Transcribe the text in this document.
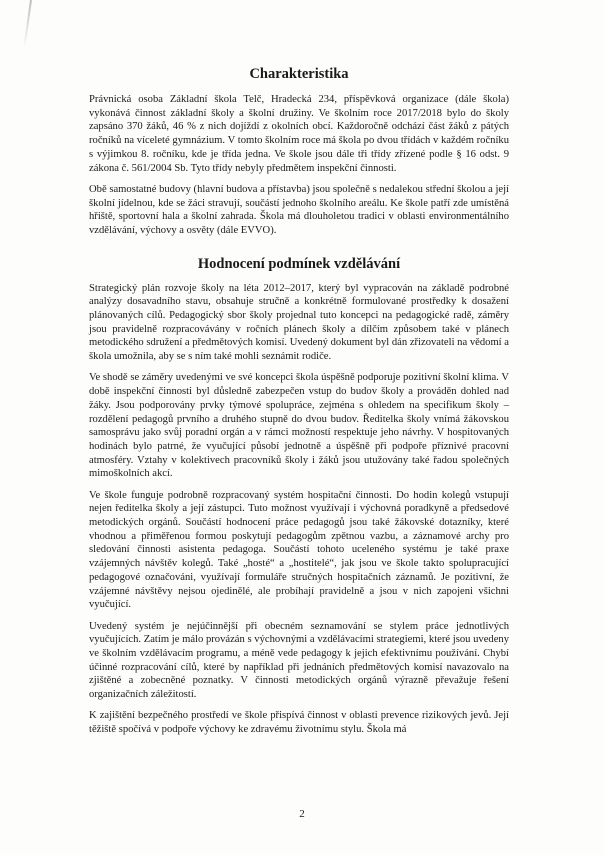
Charakteristika

Právnická osoba Základní škola Telč, Hradecká 234, příspěvková organizace (dále škola) vykonává činnost základní školy a školní družiny. Ve školním roce 2017/2018 bylo do školy zapsáno 370 žáků, 46 % z nich dojíždí z okolních obcí. Každoročně odchází část žáků z pátých ročníků na víceleté gymnázium. V tomto školním roce má škola po dvou třídách v každém ročníku s výjimkou 8. ročníku, kde je třída jedna. Ve škole jsou dále tři třídy zřízené podle § 16 odst. 9 zákona č. 561/2004 Sb. Tyto třídy nebyly předmětem inspekční činnosti.

Obě samostatné budovy (hlavní budova a přístavba) jsou společně s nedalekou střední školou a její školní jídelnou, kde se žáci stravují, součástí jednoho školního areálu. Ke škole patří zde umístěná hřiště, sportovní hala a školní zahrada. Škola má dlouholetou tradici v oblasti environmentálního vzdělávání, výchovy a osvěty (dále EVVO).

Hodnocení podmínek vzdělávání

Strategický plán rozvoje školy na léta 2012–2017, který byl vypracován na základě podrobné analýzy dosavadního stavu, obsahuje stručně a konkrétně formulované prostředky k dosažení plánovaných cílů. Pedagogický sbor školy projednal tuto koncepci na pedagogické radě, záměry jsou pravidelně rozpracovávány v ročních plánech školy a dílčím způsobem také v plánech metodického sdružení a předmětových komisí. Uvedený dokument byl dán zřizovateli na vědomí a škola umožnila, aby se s ním také mohli seznámit rodiče.

Ve shodě se záměry uvedenými ve své koncepci škola úspěšně podporuje pozitivní školní klima. V době inspekční činnosti byl důsledně zabezpečen vstup do budov školy a prováděn dohled nad žáky. Jsou podporovány prvky týmové spolupráce, zejména s ohledem na specifikum školy – rozdělení pedagogů prvního a druhého stupně do dvou budov. Ředitelka školy vnímá žákovskou samosprávu jako svůj poradní orgán a v rámci možností respektuje jeho návrhy. V hospitovaných hodinách bylo patrné, že vyučující působí jednotně a úspěšně při podpoře příznivé pracovní atmosféry. Vztahy v kolektivech pracovníků školy i žáků jsou utužovány také řadou společných mimoškolních akcí.

Ve škole funguje podrobně rozpracovaný systém hospitační činnosti. Do hodin kolegů vstupují nejen ředitelka školy a její zástupci. Tuto možnost využívají i výchovná poradkyně a předsedové metodických orgánů. Součástí hodnocení práce pedagogů jsou také žákovské dotazníky, které vhodnou a přiměřenou formou poskytují pedagogům zpětnou vazbu, a záznamové archy pro sledování činnosti asistenta pedagoga. Součástí tohoto uceleného systému je také praxe vzájemných návštěv kolegů. Také „hosté“ a „hostitelé“, jak jsou ve škole takto spolupracující pedagogové označováni, využívají formuláře stručných hospitačních záznamů. Je pozitivní, že vzájemné návštěvy nejsou ojedinělé, ale probíhají pravidelně a jsou v nich zapojeni všichni vyučující.

Uvedený systém je nejúčinnější při obecném seznamování se stylem práce jednotlivých vyučujících. Zatím je málo provázán s výchovnými a vzdělávacími strategiemi, které jsou uvedeny ve školním vzdělávacím programu, a méně vede pedagogy k jejich efektivnímu používání. Chybí účinné rozpracování cílů, které by například při jednáních předmětových komisí navazovalo na zjištěné a zobecněné poznatky. V činnosti metodických orgánů výrazně převažuje řešení organizačních záležitostí.

K zajištění bezpečného prostředí ve škole přispívá činnost v oblasti prevence rizikových jevů. Její těžiště spočívá v podpoře výchovy ke zdravému životnímu stylu. Škola má

2
